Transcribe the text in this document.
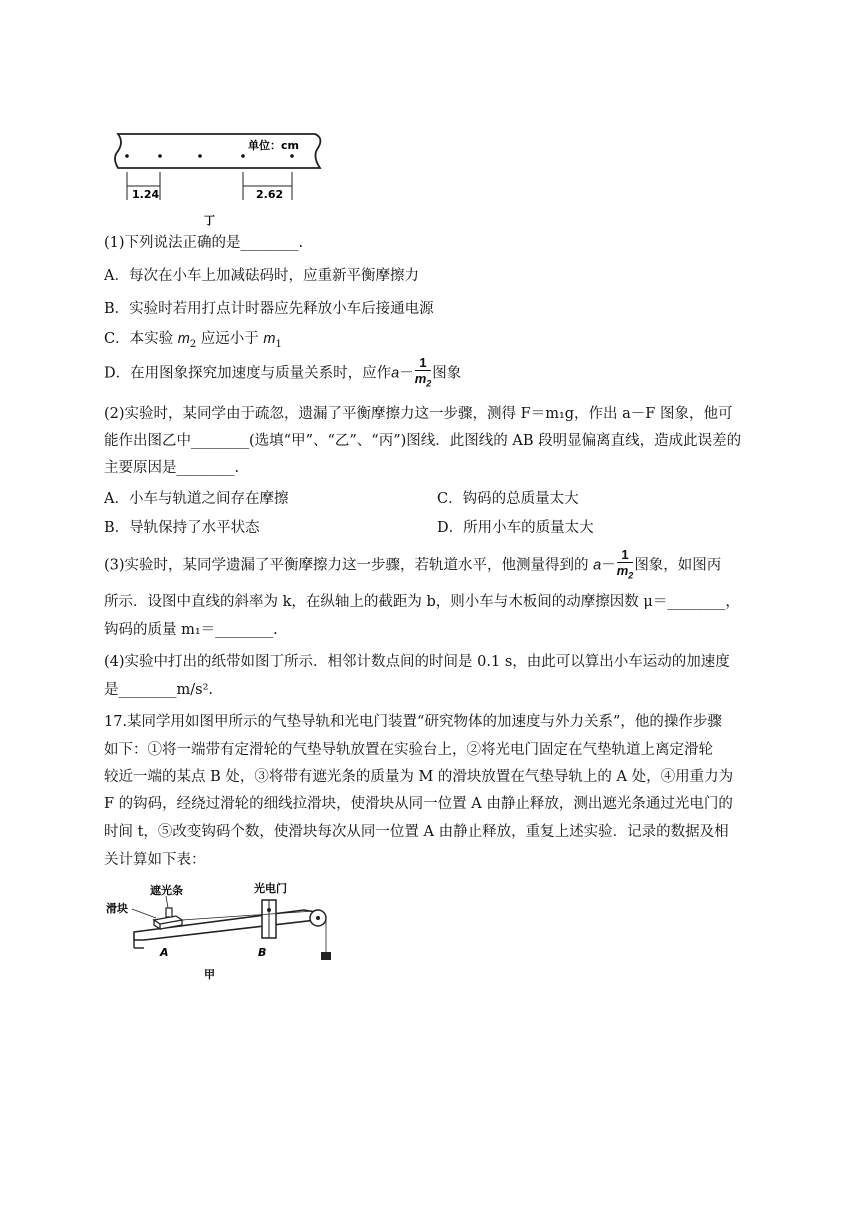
单位：cm
1.24	2.62
丁
(1)下列说法正确的是________.
A．每次在小车上加减砝码时，应重新平衡摩擦力
B．实验时若用打点计时器应先释放小车后接通电源
C．本实验 $m_2$ 应远小于 $m_1$
D．在用图象探究加速度与质量关系时，应作$a- \frac{1}{m_2}$ 图象
(2)实验时，某同学由于疏忽，遗漏了平衡摩擦力这一步骤，测得 F＝m₁g，作出 a－F 图象，他可
能作出图乙中________(选填“甲”、“乙”、“丙”)图线．此图线的 AB 段明显偏离直线，造成此误差的
主要原因是________.
A．小车与轨道之间存在摩擦	C．钩码的总质量太大
B．导轨保持了水平状态	D．所用小车的质量太大
(3)实验时，某同学遗漏了平衡摩擦力这一步骤，若轨道水平，他测量得到的 $a- \frac{1}{m_2}$ 图象，如图丙
所示．设图中直线的斜率为 k，在纵轴上的截距为 b，则小车与木板间的动摩擦因数 μ＝________，
钩码的质量 m₁＝________.
(4)实验中打出的纸带如图丁所示．相邻计数点间的时间是 0.1 s，由此可以算出小车运动的加速度
是________m/s².
17.某同学用如图甲所示的气垫导轨和光电门装置“研究物体的加速度与外力关系”，他的操作步骤
如下：①将一端带有定滑轮的气垫导轨放置在实验台上，②将光电门固定在气垫轨道上离定滑轮
较近一端的某点 B 处，③将带有遮光条的质量为 M 的滑块放置在气垫导轨上的 A 处，④用重力为
F 的钩码，经绕过滑轮的细线拉滑块，使滑块从同一位置 A 由静止释放，测出遮光条通过光电门的
时间 t，⑤改变钩码个数，使滑块每次从同一位置 A 由静止释放，重复上述实验．记录的数据及相
关计算如下表：
滑块
遮光条	光电门
A	B
甲
